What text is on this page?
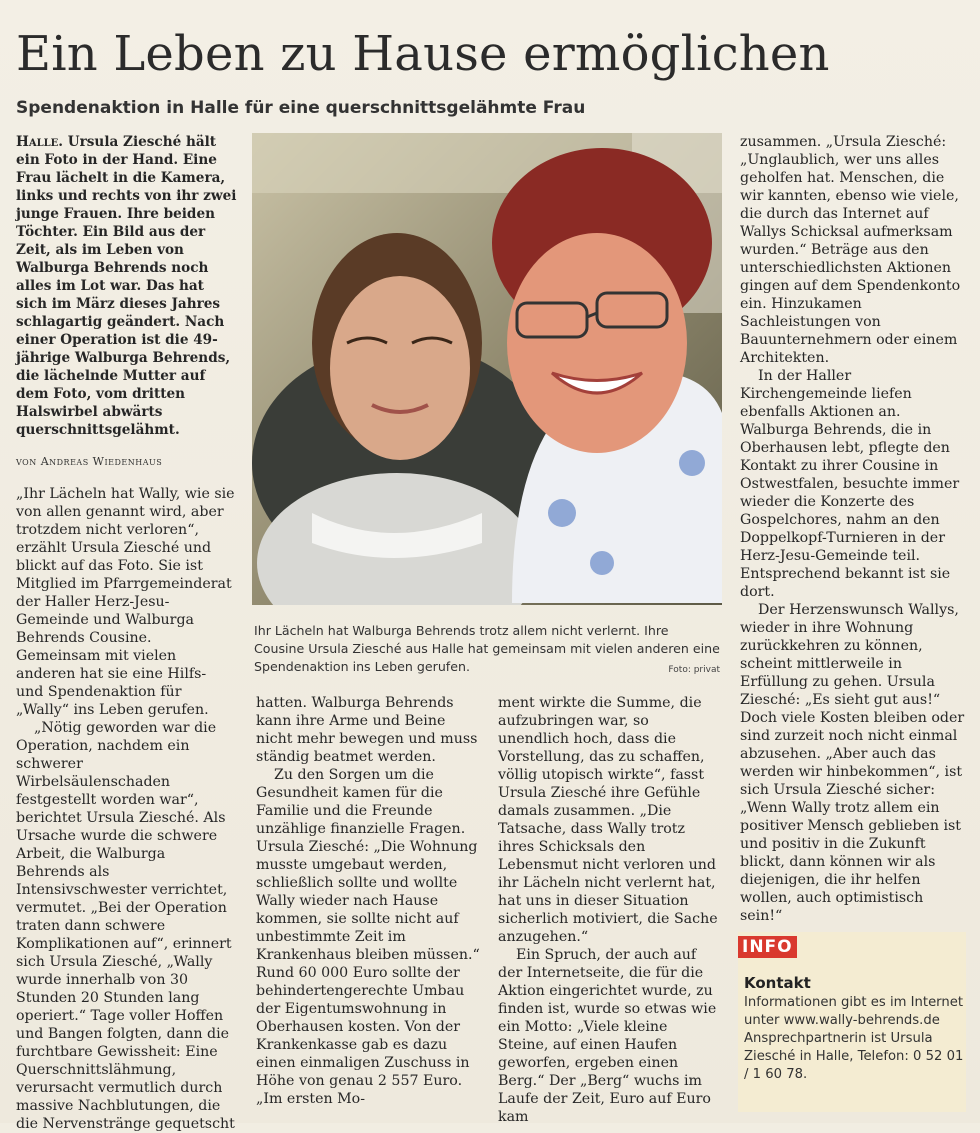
Ein Leben zu Hause ermöglichen
Spendenaktion in Halle für eine querschnittsgelähmte Frau

Halle. Ursula Ziesché hält ein Foto in der Hand. Eine Frau lächelt in die Kamera, links und rechts von ihr zwei junge Frauen. Ihre beiden Töchter. Ein Bild aus der Zeit, als im Leben von Walburga Behrends noch alles im Lot war. Das hat sich im März dieses Jahres schlagartig geändert. Nach einer Operation ist die 49-jährige Walburga Behrends, die lächelnde Mutter auf dem Foto, vom dritten Halswirbel abwärts querschnittsgelähmt.

von Andreas Wiedenhaus

„Ihr Lächeln hat Wally, wie sie von allen genannt wird, aber trotzdem nicht verloren“, erzählt Ursula Ziesché und blickt auf das Foto. Sie ist Mitglied im Pfarrgemeinderat der Haller Herz-Jesu-Gemeinde und Walburga Behrends Cousine. Gemeinsam mit vielen anderen hat sie eine Hilfs- und Spendenaktion für „Wally“ ins Leben gerufen.

„Nötig geworden war die Operation, nachdem ein schwerer Wirbelsäulenschaden festgestellt worden war“, berichtet Ursula Ziesché. Als Ursache wurde die schwere Arbeit, die Walburga Behrends als Intensivschwester verrichtet, vermutet. „Bei der Operation traten dann schwere Komplikationen auf“, erinnert sich Ursula Ziesché, „Wally wurde innerhalb von 30 Stunden 20 Stunden lang operiert.“ Tage voller Hoffen und Bangen folgten, dann die furchtbare Gewissheit: Eine Querschnittslähmung, verursacht vermutlich durch massive Nachblutungen, die die Nervenstränge gequetscht

Ihr Lächeln hat Walburga Behrends trotz allem nicht verlernt. Ihre Cousine Ursula Ziesché aus Halle hat gemeinsam mit vielen anderen eine Spendenaktion ins Leben gerufen.	Foto: privat

hatten. Walburga Behrends kann ihre Arme und Beine nicht mehr bewegen und muss ständig beatmet werden.

Zu den Sorgen um die Gesundheit kamen für die Familie und die Freunde unzählige finanzielle Fragen. Ursula Ziesché: „Die Wohnung musste umgebaut werden, schließlich sollte und wollte Wally wieder nach Hause kommen, sie sollte nicht auf unbestimmte Zeit im Krankenhaus bleiben müssen.“ Rund 60 000 Euro sollte der behindertengerechte Umbau der Eigentumswohnung in Oberhausen kosten. Von der Krankenkasse gab es dazu einen einmaligen Zuschuss in Höhe von genau 2 557 Euro. „Im ersten Mo-

ment wirkte die Summe, die aufzubringen war, so unendlich hoch, dass die Vorstellung, das zu schaffen, völlig utopisch wirkte“, fasst Ursula Ziesché ihre Gefühle damals zusammen. „Die Tatsache, dass Wally trotz ihres Schicksals den Lebensmut nicht verloren und ihr Lächeln nicht verlernt hat, hat uns in dieser Situation sicherlich motiviert, die Sache anzugehen.“

Ein Spruch, der auch auf der Internetseite, die für die Aktion eingerichtet wurde, zu finden ist, wurde so etwas wie ein Motto: „Viele kleine Steine, auf einen Haufen geworfen, ergeben einen Berg.“ Der „Berg“ wuchs im Laufe der Zeit, Euro auf Euro kam

zusammen. „Ursula Ziesché: „Unglaublich, wer uns alles geholfen hat. Menschen, die wir kannten, ebenso wie viele, die durch das Internet auf Wallys Schicksal aufmerksam wurden.“ Beträge aus den unterschiedlichsten Aktionen gingen auf dem Spendenkonto ein. Hinzukamen Sachleistungen von Bauunternehmern oder einem Architekten.

In der Haller Kirchengemeinde liefen ebenfalls Aktionen an. Walburga Behrends, die in Oberhausen lebt, pflegte den Kontakt zu ihrer Cousine in Ostwestfalen, besuchte immer wieder die Konzerte des Gospelchores, nahm an den Doppelkopf-Turnieren in der Herz-Jesu-Gemeinde teil. Entsprechend bekannt ist sie dort.

Der Herzenswunsch Wallys, wieder in ihre Wohnung zurückkehren zu können, scheint mittlerweile in Erfüllung zu gehen. Ursula Ziesché: „Es sieht gut aus!“ Doch viele Kosten bleiben oder sind zurzeit noch nicht einmal abzusehen. „Aber auch das werden wir hinbekommen“, ist sich Ursula Ziesché sicher: „Wenn Wally trotz allem ein positiver Mensch geblieben ist und positiv in die Zukunft blickt, dann können wir als diejenigen, die ihr helfen wollen, auch optimistisch sein!“

INFO

Kontakt

Informationen gibt es im Internet unter www.wally-behrends.de Ansprechpartnerin ist Ursula Ziesché in Halle, Telefon: 0 52 01 / 1 60 78.
